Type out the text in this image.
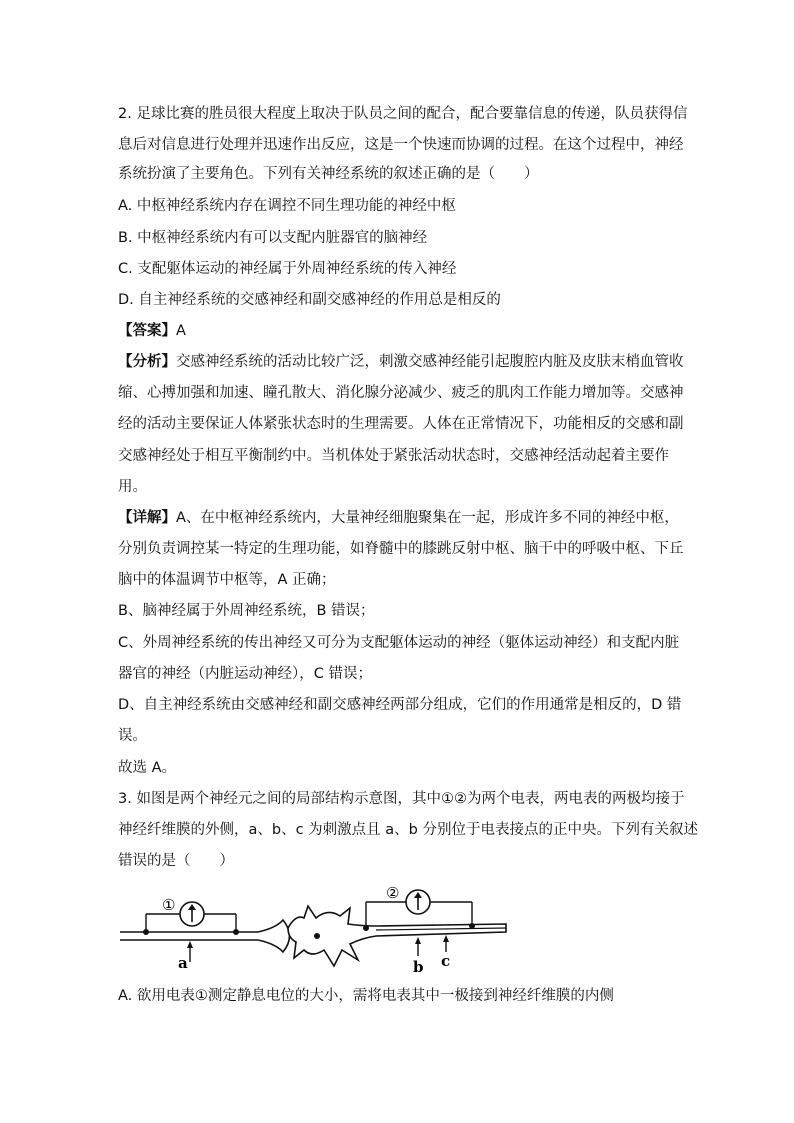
2. 足球比赛的胜员很大程度上取决于队员之间的配合，配合要靠信息的传递，队员获得信
息后对信息进行处理并迅速作出反应，这是一个快速而协调的过程。在这个过程中，神经
系统扮演了主要角色。下列有关神经系统的叙述正确的是（　　）
A. 中枢神经系统内存在调控不同生理功能的神经中枢
B. 中枢神经系统内有可以支配内脏器官的脑神经
C. 支配躯体运动的神经属于外周神经系统的传入神经
D. 自主神经系统的交感神经和副交感神经的作用总是相反的
【答案】A
【分析】交感神经系统的活动比较广泛，刺激交感神经能引起腹腔内脏及皮肤末梢血管收
缩、心搏加强和加速、瞳孔散大、消化腺分泌减少、疲乏的肌肉工作能力增加等。交感神
经的活动主要保证人体紧张状态时的生理需要。人体在正常情况下，功能相反的交感和副
交感神经处于相互平衡制约中。当机体处于紧张活动状态时，交感神经活动起着主要作
用。
【详解】A、在中枢神经系统内，大量神经细胞聚集在一起，形成许多不同的神经中枢，
分别负责调控某一特定的生理功能，如脊髓中的膝跳反射中枢、脑干中的呼吸中枢、下丘
脑中的体温调节中枢等，A 正确；
B、脑神经属于外周神经系统，B 错误；
C、外周神经系统的传出神经又可分为支配躯体运动的神经（躯体运动神经）和支配内脏
器官的神经（内脏运动神经），C 错误；
D、自主神经系统由交感神经和副交感神经两部分组成，它们的作用通常是相反的，D 错
误。
故选 A。
3. 如图是两个神经元之间的局部结构示意图，其中①②为两个电表，两电表的两极均接于
神经纤维膜的外侧，a、b、c 为刺激点且 a、b 分别位于电表接点的正中央。下列有关叙述
错误的是（　　）
①
②
a	b c
A. 欲用电表①测定静息电位的大小，需将电表其中一极接到神经纤维膜的内侧
